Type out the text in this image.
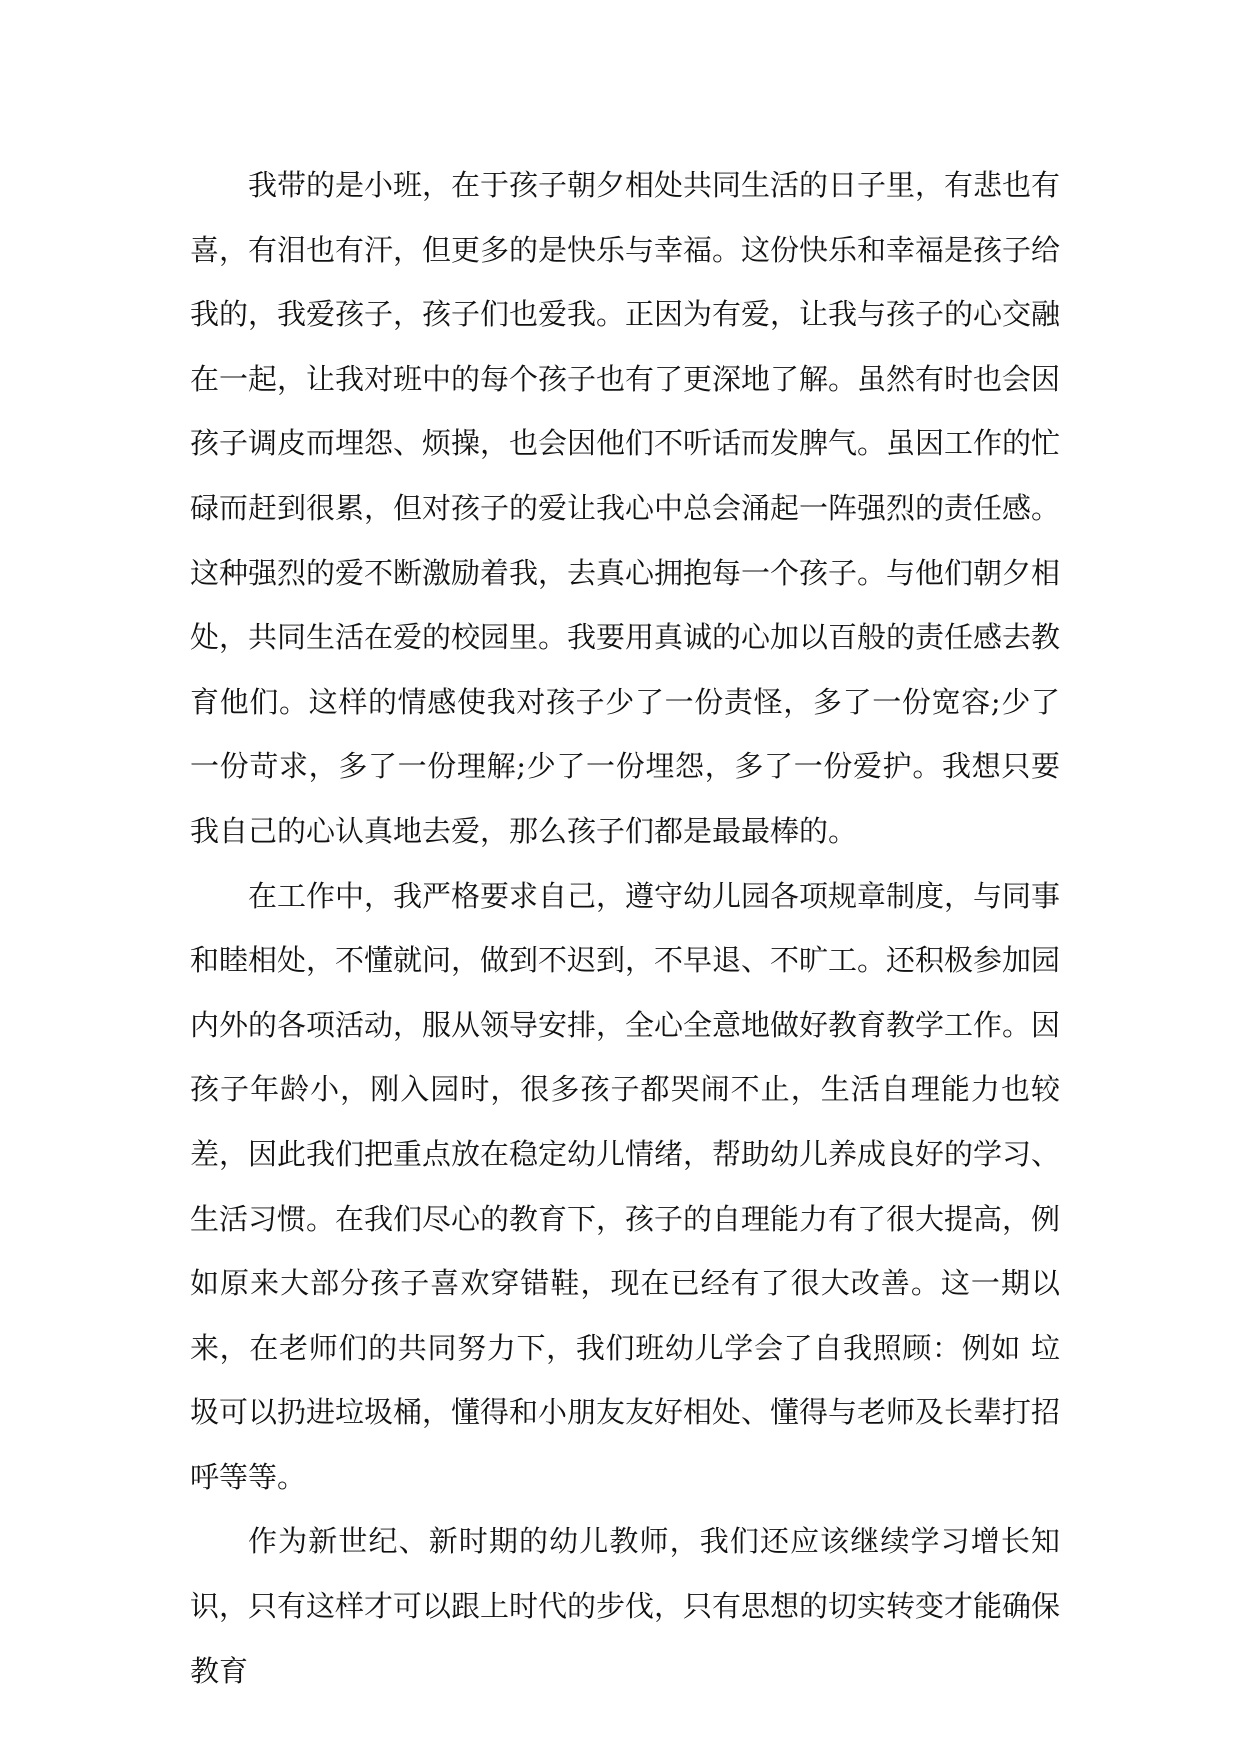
我带的是小班，在于孩子朝夕相处共同生活的日子里，有悲也有喜，有泪也有汗，但更多的是快乐与幸福。这份快乐和幸福是孩子给我的，我爱孩子，孩子们也爱我。正因为有爱，让我与孩子的心交融在一起，让我对班中的每个孩子也有了更深地了解。虽然有时也会因孩子调皮而埋怨、烦操，也会因他们不听话而发脾气。虽因工作的忙碌而赶到很累，但对孩子的爱让我心中总会涌起一阵强烈的责任感。这种强烈的爱不断激励着我，去真心拥抱每一个孩子。与他们朝夕相处，共同生活在爱的校园里。我要用真诚的心加以百般的责任感去教育他们。这样的情感使我对孩子少了一份责怪，多了一份宽容;少了一份苛求，多了一份理解;少了一份埋怨，多了一份爱护。我想只要我自己的心认真地去爱，那么孩子们都是最最棒的。

在工作中，我严格要求自己，遵守幼儿园各项规章制度，与同事和睦相处，不懂就问，做到不迟到，不早退、不旷工。还积极参加园内外的各项活动，服从领导安排，全心全意地做好教育教学工作。因孩子年龄小，刚入园时，很多孩子都哭闹不止，生活自理能力也较差，因此我们把重点放在稳定幼儿情绪，帮助幼儿养成良好的学习、生活习惯。在我们尽心的教育下，孩子的自理能力有了很大提高，例如原来大部分孩子喜欢穿错鞋，现在已经有了很大改善。这一期以来，在老师们的共同努力下，我们班幼儿学会了自我照顾：例如 垃圾可以扔进垃圾桶，懂得和小朋友友好相处、懂得与老师及长辈打招呼等等。

作为新世纪、新时期的幼儿教师，我们还应该继续学习增长知识，只有这样才可以跟上时代的步伐，只有思想的切实转变才能确保教育
